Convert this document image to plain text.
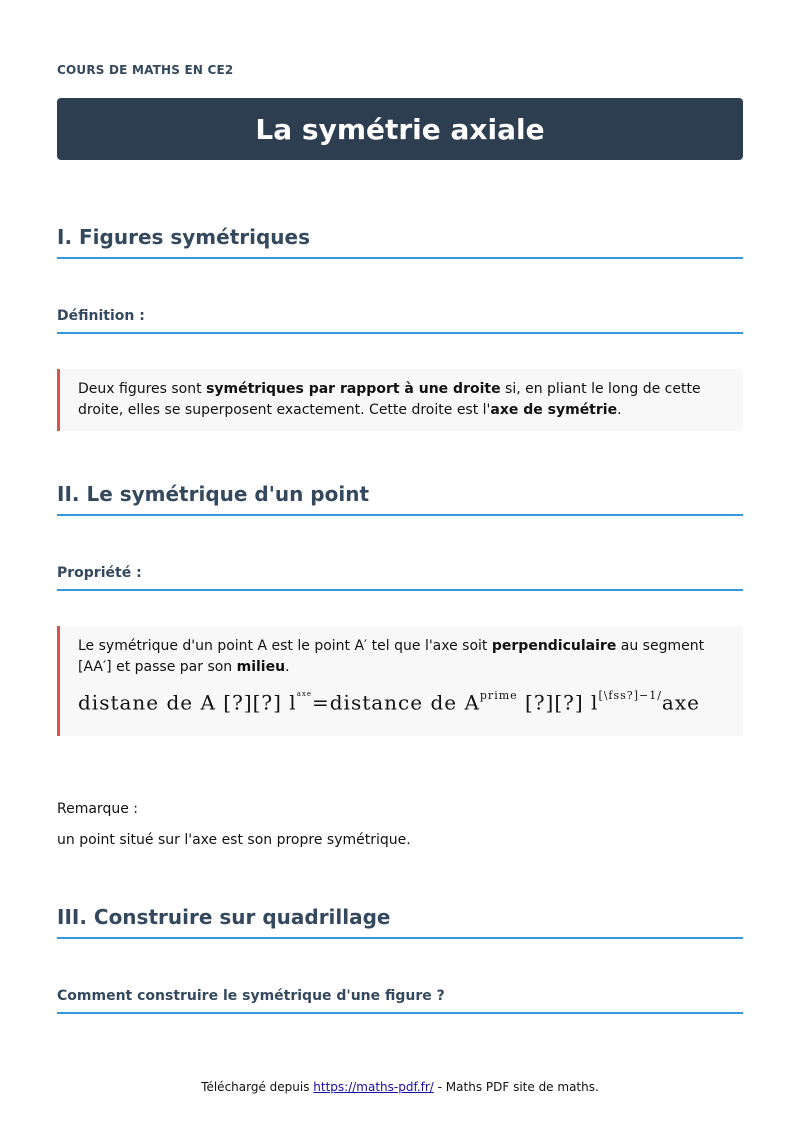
COURS DE MATHS EN CE2
La symétrie axiale
I. Figures symétriques
Définition :
Deux figures sont symétriques par rapport à une droite si, en pliant le long de cette droite, elles se superposent exactement. Cette droite est l'axe de symétrie.
II. Le symétrique d'un point
Propriété :
Le symétrique d'un point A est le point A′ tel que l'axe soit perpendiculaire au segment [AA′] et passe par son milieu.
distane de A [?][?] $l^{axe}=distance$ de $A^{prime}$ [?][?] $l^{[\backslash fss?]-1/}axe$
Remarque :
un point situé sur l'axe est son propre symétrique.
III. Construire sur quadrillage
Comment construire le symétrique d'une figure ?
Téléchargé depuis https://maths-pdf.fr/ - Maths PDF site de maths.
